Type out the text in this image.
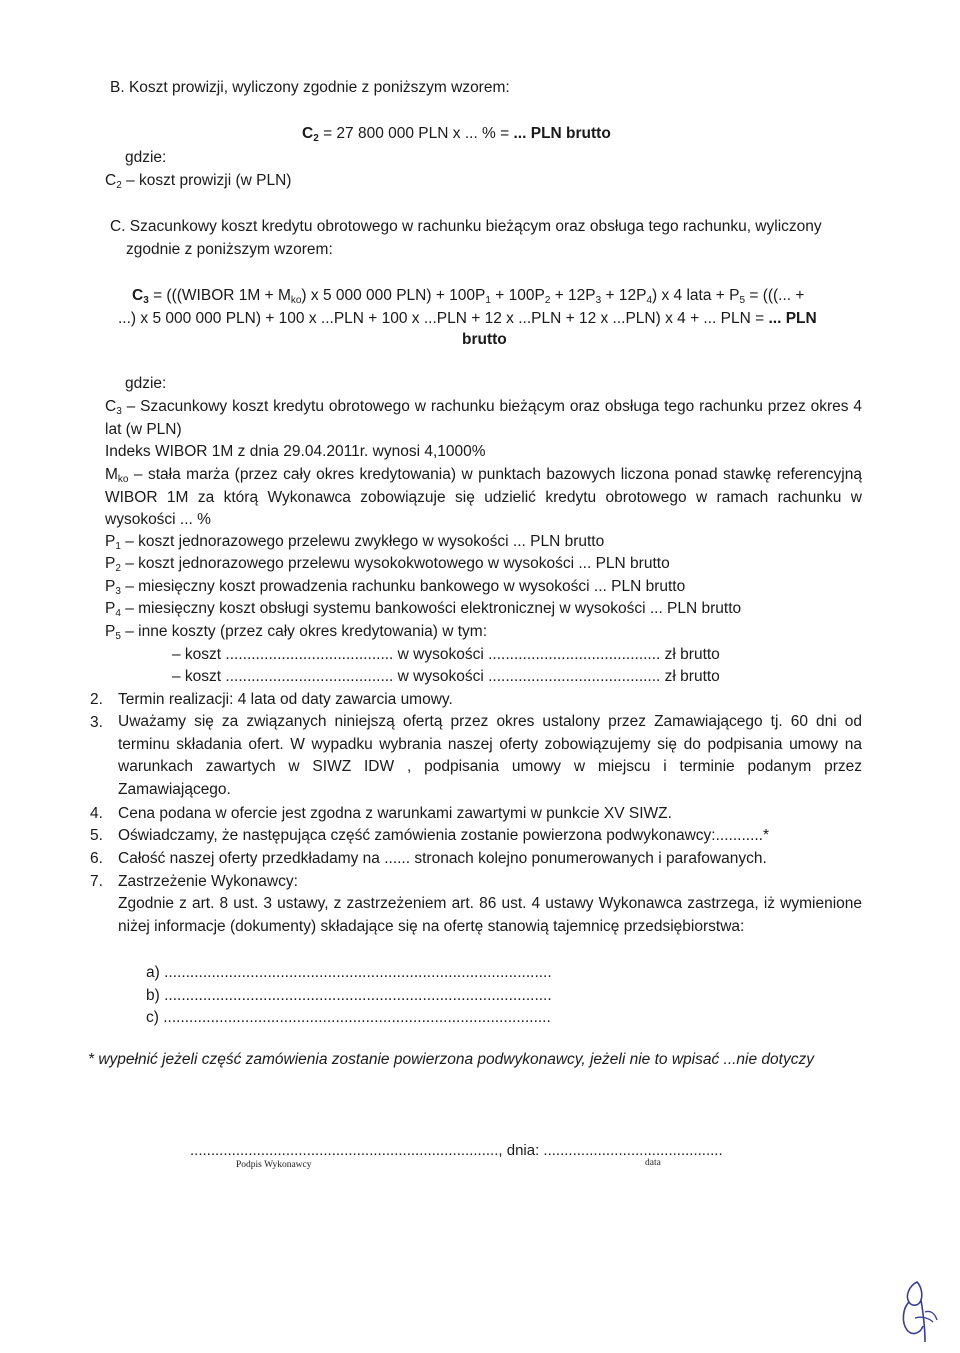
B. Koszt prowizji, wyliczony zgodnie z poniższym wzorem:
$C_2 = 27$ 800 000 PLN x ... % = ... PLN brutto
gdzie:
$C_2$ – koszt prowizji (w PLN)
C. Szacunkowy koszt kredytu obrotowego w rachunku bieżącym oraz obsługa tego rachunku, wyliczony
zgodnie z poniższym wzorem:
$C_3$ = (((WIBOR $1M + M_{ko}$) x 5 000 000 $PLN) + 100P_1 + 100P_2 + 12P_3 + 12P_4$) x 4 lata + $P_5$ = (((... +
...) x 5 000 000 PLN) + 100 x ...PLN + 100 x ...PLN + 12 x ...PLN + 12 x ...PLN) x 4 + ... PLN = ... PLN
brutto
gdzie:
$C_3$ – Szacunkowy koszt kredytu obrotowego w rachunku bieżącym oraz obsługa tego rachunku przez okres 4 lat (w PLN)
Indeks WIBOR 1M z dnia 29.04.2011r. wynosi 4,1000%
$M_{ko}$ – stała marża (przez cały okres kredytowania) w punktach bazowych liczona ponad stawkę referencyjną WIBOR 1M za którą Wykonawca zobowiązuje się udzielić kredytu obrotowego w ramach rachunku w wysokości ... %
$P_1$ – koszt jednorazowego przelewu zwykłego w wysokości ... PLN brutto
$P_2$ – koszt jednorazowego przelewu wysokokwotowego w wysokości ... PLN brutto
$P_3$ – miesięczny koszt prowadzenia rachunku bankowego w wysokości ... PLN brutto
$P_4$ – miesięczny koszt obsługi systemu bankowości elektronicznej w wysokości ... PLN brutto
$P_5$ – inne koszty (przez cały okres kredytowania) w tym:
– koszt ....................................... w wysokości ........................................ zł brutto
– koszt ....................................... w wysokości ........................................ zł brutto
2. Termin realizacji: 4 lata od daty zawarcia umowy.
3. Uważamy się za związanych niniejszą ofertą przez okres ustalony przez Zamawiającego tj. 60 dni od terminu składania ofert. W wypadku wybrania naszej oferty zobowiązujemy się do podpisania umowy na warunkach zawartych w SIWZ IDW , podpisania umowy w miejscu i terminie podanym przez Zamawiającego.
4. Cena podana w ofercie jest zgodna z warunkami zawartymi w punkcie XV SIWZ.
5. Oświadczamy, że następująca część zamówienia zostanie powierzona podwykonawcy:...........*
6. Całość naszej oferty przedkładamy na ...... stronach kolejno ponumerowanych i parafowanych.
7. Zastrzeżenie Wykonawcy:
Zgodnie z art. 8 ust. 3 ustawy, z zastrzeżeniem art. 86 ust. 4 ustawy Wykonawca zastrzega, iż wymienione niżej informacje (dokumenty) składające się na ofertę stanowią tajemnicę przedsiębiorstwa:
a) ..........................................................................................
b) ..........................................................................................
c) ..........................................................................................
* wypełnić jeżeli część zamówienia zostanie powierzona podwykonawcy, jeżeli nie to wpisać ...nie dotyczy
.........................................................................., dnia: ...........................................
Podpis Wykonawcy	data
